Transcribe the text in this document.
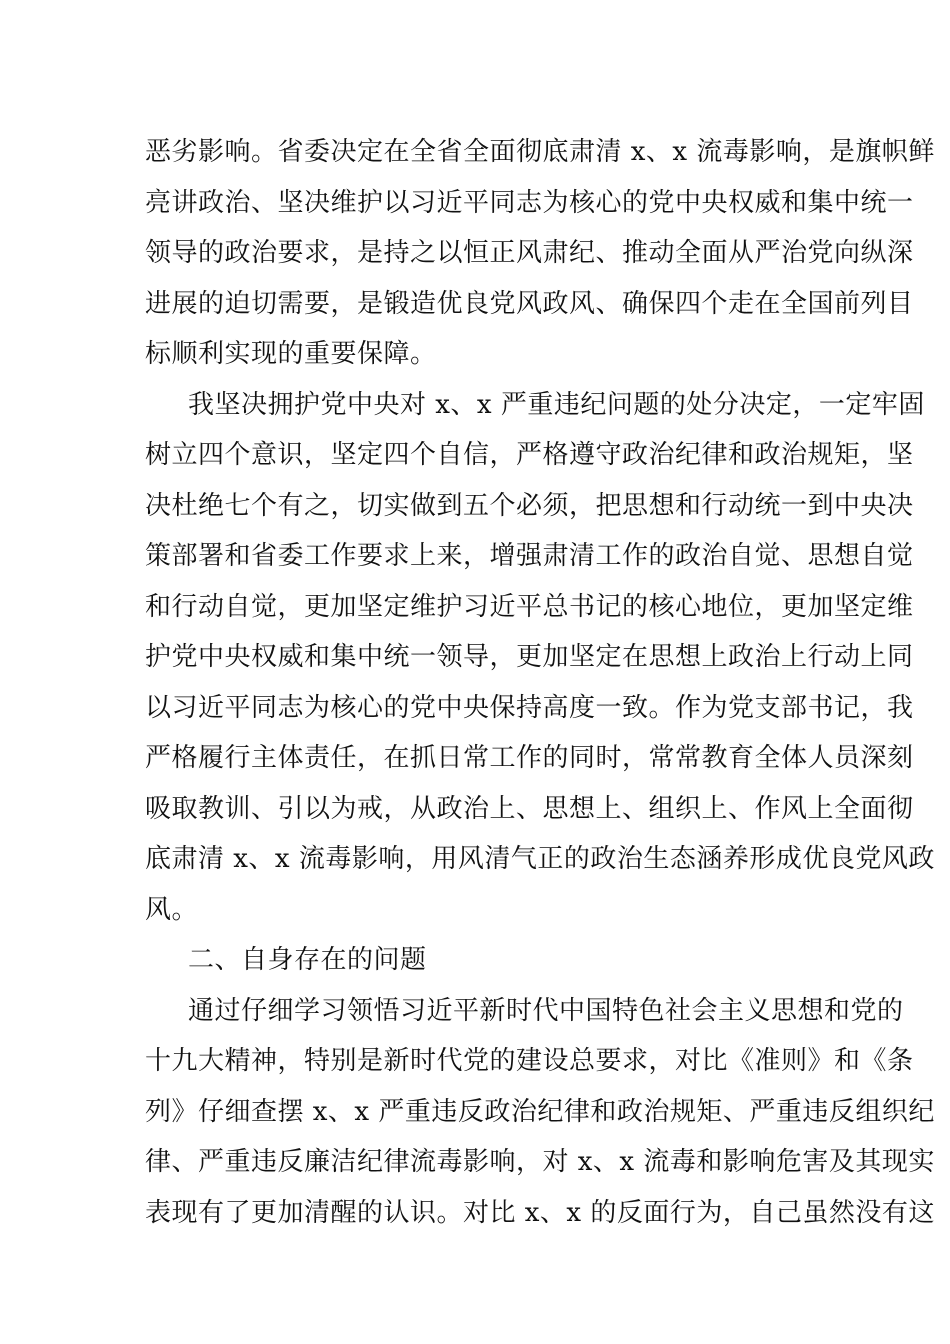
恶劣影响。省委决定在全省全面彻底肃清 x、x 流毒影响，是旗帜鲜
亮讲政治、坚决维护以习近平同志为核心的党中央权威和集中统一
领导的政治要求，是持之以恒正风肃纪、推动全面从严治党向纵深
进展的迫切需要，是锻造优良党风政风、确保四个走在全国前列目
标顺利实现的重要保障。
我坚决拥护党中央对 x、x 严重违纪问题的处分决定，一定牢固
树立四个意识，坚定四个自信，严格遵守政治纪律和政治规矩，坚
决杜绝七个有之，切实做到五个必须，把思想和行动统一到中央决
策部署和省委工作要求上来，增强肃清工作的政治自觉、思想自觉
和行动自觉，更加坚定维护习近平总书记的核心地位，更加坚定维
护党中央权威和集中统一领导，更加坚定在思想上政治上行动上同
以习近平同志为核心的党中央保持高度一致。作为党支部书记，我
严格履行主体责任，在抓日常工作的同时，常常教育全体人员深刻
吸取教训、引以为戒，从政治上、思想上、组织上、作风上全面彻
底肃清 x、x 流毒影响，用风清气正的政治生态涵养形成优良党风政
风。
二、自身存在的问题
通过仔细学习领悟习近平新时代中国特色社会主义思想和党的
十九大精神，特别是新时代党的建设总要求，对比《准则》和《条
列》仔细查摆 x、x 严重违反政治纪律和政治规矩、严重违反组织纪
律、严重违反廉洁纪律流毒影响，对 x、x 流毒和影响危害及其现实
表现有了更加清醒的认识。对比 x、x 的反面行为，自己虽然没有这
